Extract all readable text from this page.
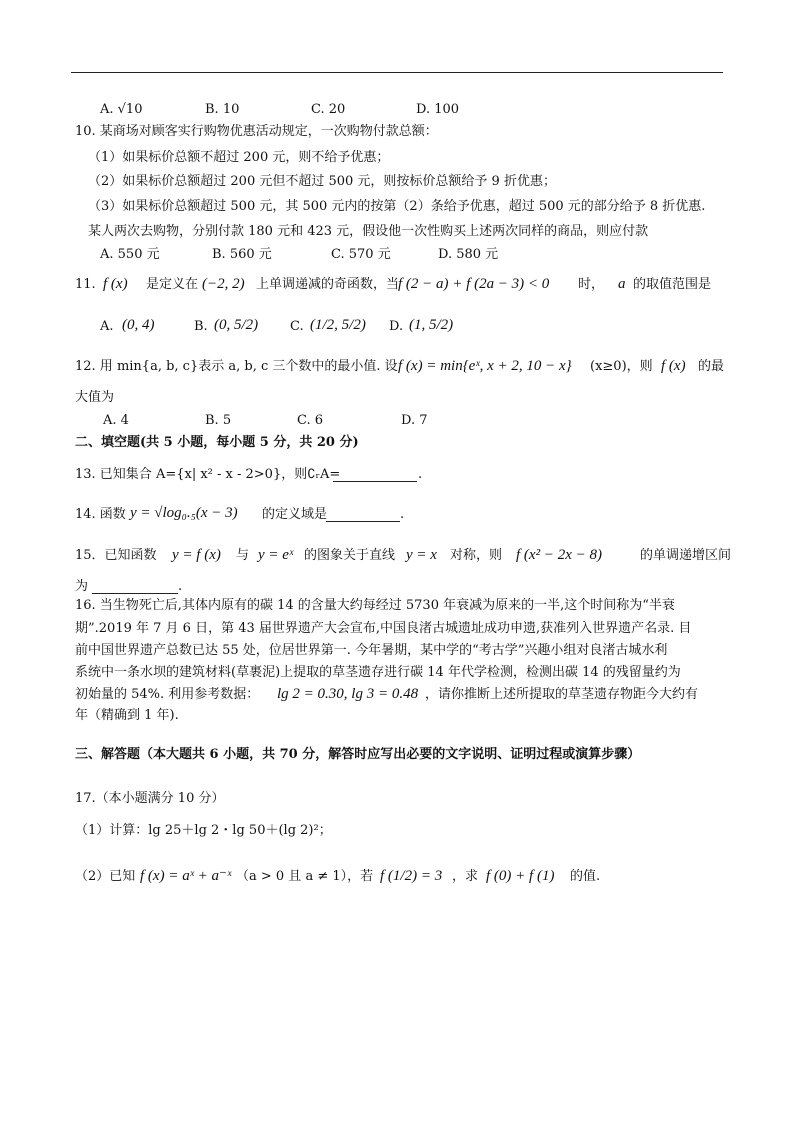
A. √10	B. 10	C. 20	D. 100
10. 某商场对顾客实行购物优惠活动规定，一次购物付款总额：
（1）如果标价总额不超过 200 元，则不给予优惠；
（2）如果标价总额超过 200 元但不超过 500 元，则按标价总额给予 9 折优惠；
（3）如果标价总额超过 500 元，其 500 元内的按第（2）条给予优惠，超过 500 元的部分给予 8 折优惠.
某人两次去购物，分别付款 180 元和 423 元，假设他一次性购买上述两次同样的商品，则应付款
A. 550 元	B. 560 元	C. 570 元	D. 580 元
11. f (x) 是定义在 (−2, 2) 上单调递减的奇函数，当
f (2 − a) + f (2a − 3) < 0 时， a 的取值范围是
A. (0, 4)	B. (0, 5/2) C. (1/2, 5/2) D. (1, 5/2)
12. 用 min{a, b, c}表示 a, b, c 三个数中的最小值. 设 f (x) = min{eˣ, x + 2, 10 − x} (x≥0)，则 f (x) 的最
大值为
A. 4	B. 5	C. 6	D. 7
二、填空题(共 5 小题，每小题 5 分，共 20 分)
13. 已知集合 A={x| x² - x - 2>0}，则∁ᵣA=	.
14. 函数 y = √log₀.₅(x − 3) 的定义域是	.
15．已知函数 y = f (x) 与 y = eˣ 的图象关于直线 y = x 对称，则 f (x² − 2x − 8)	的单调递增区间
为	.
16. 当生物死亡后,其体内原有的碳 14 的含量大约每经过 5730 年衰减为原来的一半,这个时间称为“半衰
期”.2019 年 7 月 6 日，第 43 届世界遗产大会宣布,中国良渚古城遗址成功申遗,获准列入世界遗产名录. 目
前中国世界遗产总数已达 55 处，位居世界第一. 今年暑期，某中学的“考古学”兴趣小组对良渚古城水利
系统中一条水坝的建筑材料(草裹泥)上提取的草茎遗存进行碳 14 年代学检测，检测出碳 14 的残留量约为
初始量的 54%. 利用参考数据： lg 2 = 0.30, lg 3 = 0.48 ，请你推断上述所提取的草茎遗存物距今大约有
年（精确到 1 年).
三、解答题（本大题共 6 小题，共 70 分，解答时应写出必要的文字说明、证明过程或演算步骤）
17.（本小题满分 10 分）
（1）计算：lg 25＋lg 2・lg 50＋(lg 2)²；
（2）已知 f (x) = aˣ + a⁻ˣ （a > 0 且 a ≠ 1），若 f (1/2) = 3 ，求 f (0) + f (1) 的值.
